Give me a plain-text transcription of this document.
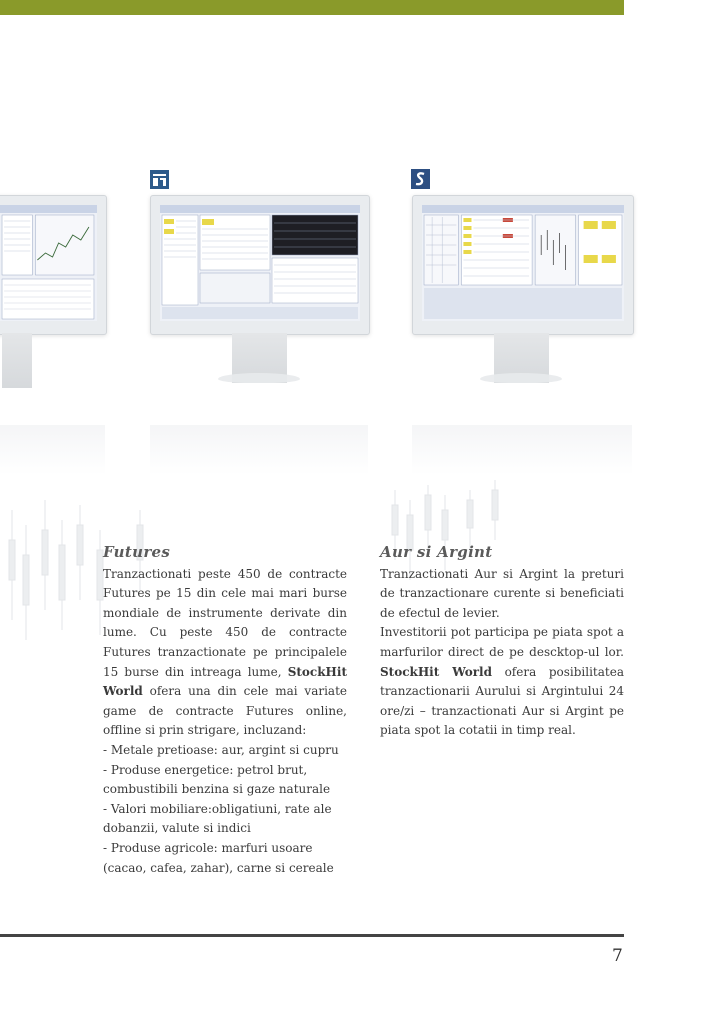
Futures

Tranzactionati peste 450 de contracte Futures pe 15 din cele mai mari burse mondiale de instrumente derivate din lume. Cu peste 450 de contracte Futures tranzactionate pe principalele 15 burse din intreaga lume, StockHit World ofera una din cele mai variate game de contracte Futures online, offline si prin strigare, incluzand:

- Metale pretioase: aur, argint si cupru

- Produse energetice: petrol brut, combustibili benzina si gaze naturale

- Valori mobiliare:obligatiuni, rate ale dobanzii, valute si indici

- Produse agricole: marfuri usoare (cacao, cafea, zahar), carne si cereale

Aur si Argint

Tranzactionati Aur si Argint la preturi de tranzactionare curente si beneficiati de efectul de levier.

Investitorii pot participa pe piata spot a marfurilor direct de pe descktop-ul lor. StockHit World ofera posibilitatea tranzactionarii Aurului si Argintului 24 ore/zi – tranzactionati Aur si Argint pe piata spot la cotatii in timp real.

7
